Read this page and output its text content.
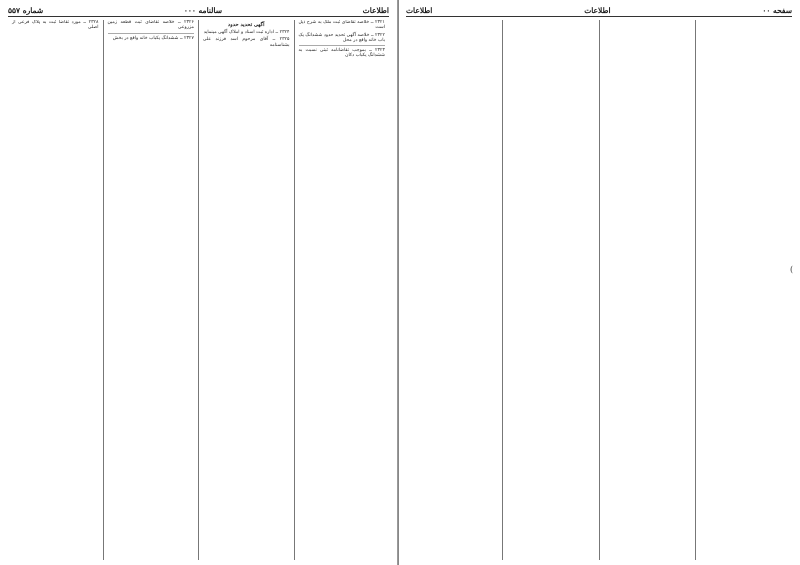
اطلاعات
سالنامه ۰۰۰
شماره ۵۵۷

۲۳۲۱ ــ خلاصه تقاضای ثبت ملک به شرح ذیل است

۲۳۲۲ ــ خلاصه آگهی تحدید حدود ششدانگ یک باب خانه واقع در محل

۲۳۲۳ ــ بموجب تقاضانامه ثبتی نسبت به ششدانگ یکباب دکان

آگهی تحدید حدود

۲۳۲۴ ــ اداره ثبت اسناد و املاک آگهی مینماید

۲۳۲۵ ــ آقای مرحوم اسد فرزند علی بشناسنامه

۲۳۲۶ ــ خلاصه تقاضای ثبت قطعه زمین مزروعی

۲۳۲۷ ــ ششدانگ یکباب خانه واقع در بخش

۲۳۲۸ ــ مورد تقاضا ثبت به پلاک فرعی از اصلی

سفحه ۰۰
اطلاعات
اطلاعات
(
